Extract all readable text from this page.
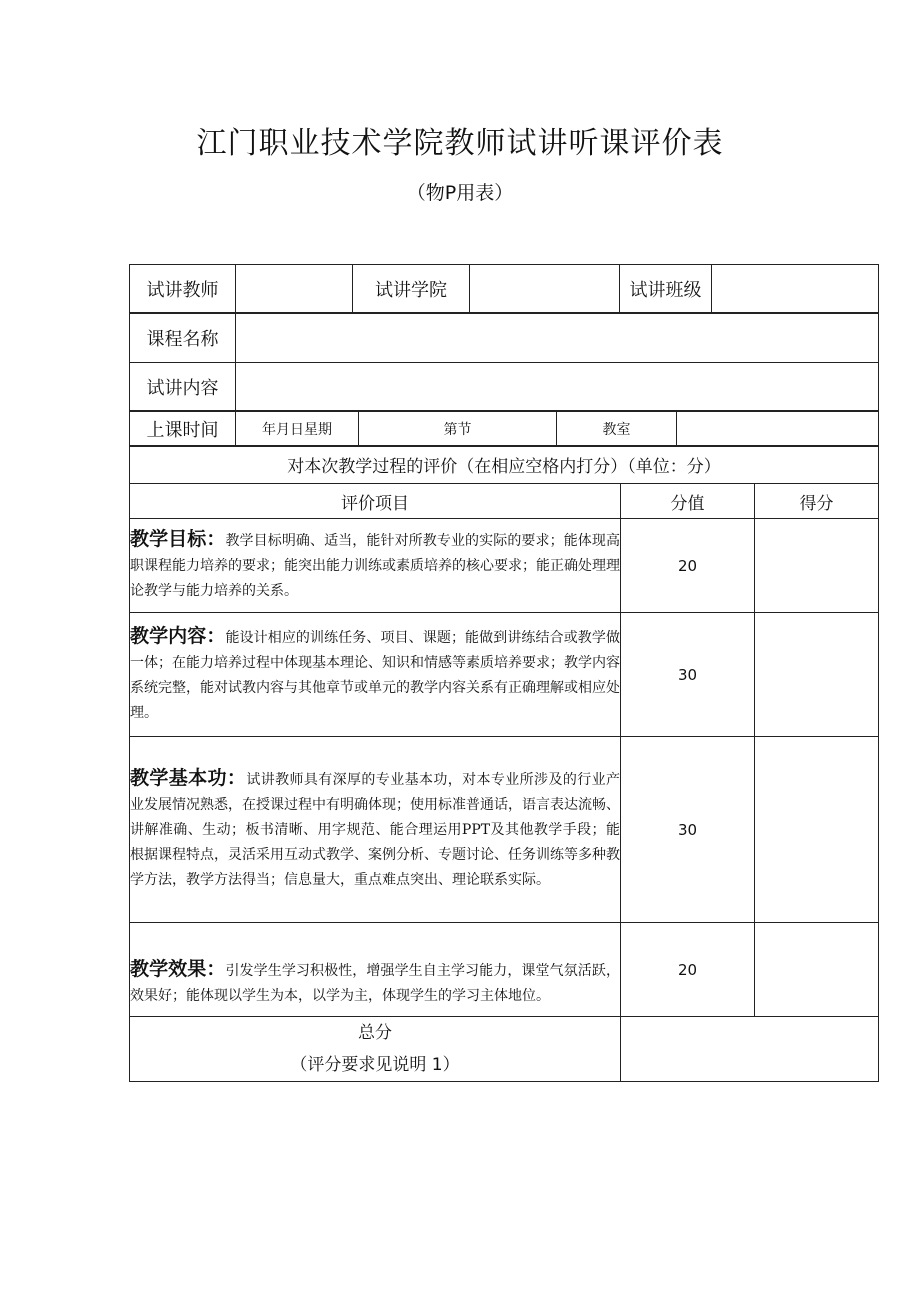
江门职业技术学院教师试讲听课评价表
（物P用表）
试讲教师		试讲学院		试讲班级	
课程名称	
试讲内容	
上课时间	年月日星期	第节	教室	
对本次教学过程的评价（在相应空格内打分）（单位：分）		
评价项目	分值	得分
教学目标：教学目标明确、适当，能针对所教专业的实际的要求；能体现高职课程能力培养的要求；能突出能力训练或素质培养的核心要求；能正确处理理论教学与能力培养的关系。	20	
教学内容：能设计相应的训练任务、项目、课题；能做到讲练结合或教学做一体；在能力培养过程中体现基本理论、知识和情感等素质培养要求；教学内容系统完整，能对试教内容与其他章节或单元的教学内容关系有正确理解或相应处理。	30	
教学基本功：试讲教师具有深厚的专业基本功，对本专业所涉及的行业产业发展情况熟悉，在授课过程中有明确体现；使用标准普通话，语言表达流畅、讲解准确、生动；板书清晰、用字规范、能合理运用PPT及其他教学手段；能根据课程特点，灵活采用互动式教学、案例分析、专题讨论、任务训练等多种教学方法，教学方法得当；信息量大，重点难点突出、理论联系实际。	30	
教学效果：引发学生学习积极性，增强学生自主学习能力，课堂气氛活跃，效果好；能体现以学生为本，以学为主，体现学生的学习主体地位。	20	

总分
（评分要求见说明 1）		
